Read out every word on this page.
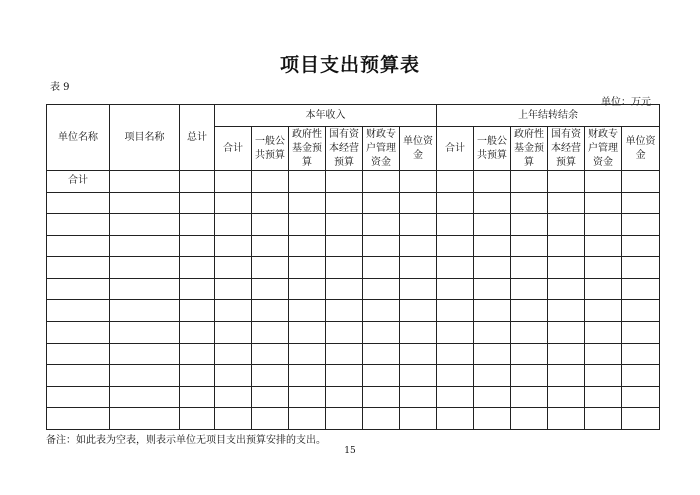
项目支出预算表
表 9
单位：万元
单位名称	项目名称	总计	本年收入						上年结转结余					
			合计	一般公共预算	政府性基金预算	国有资本经营预算	财政专户管理资金	单位资金	合计	一般公共预算	政府性基金预算	国有资本经营预算	财政专户管理资金	单位资金
合计														

备注：如此表为空表，则表示单位无项目支出预算安排的支出。
15
